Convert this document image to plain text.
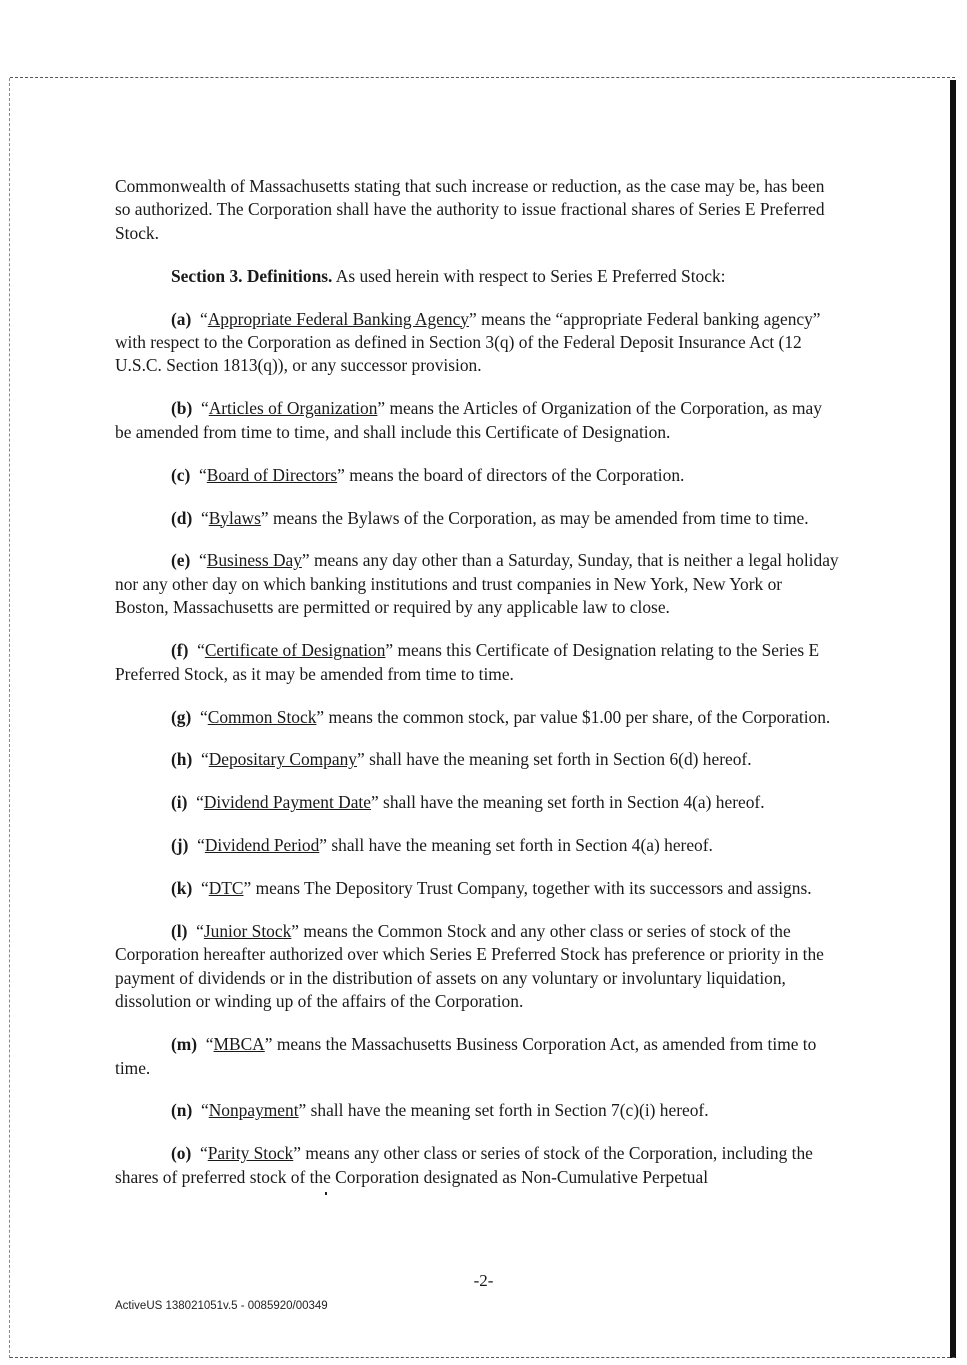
Commonwealth of Massachusetts stating that such increase or reduction, as the case may be, has been so authorized. The Corporation shall have the authority to issue fractional shares of Series E Preferred Stock.

Section 3. Definitions. As used herein with respect to Series E Preferred Stock:

(a) “Appropriate Federal Banking Agency” means the “appropriate Federal banking agency” with respect to the Corporation as defined in Section 3(q) of the Federal Deposit Insurance Act (12 U.S.C. Section 1813(q)), or any successor provision.

(b) “Articles of Organization” means the Articles of Organization of the Corporation, as may be amended from time to time, and shall include this Certificate of Designation.

(c) “Board of Directors” means the board of directors of the Corporation.

(d) “Bylaws” means the Bylaws of the Corporation, as may be amended from time to time.

(e) “Business Day” means any day other than a Saturday, Sunday, that is neither a legal holiday nor any other day on which banking institutions and trust companies in New York, New York or Boston, Massachusetts are permitted or required by any applicable law to close.

(f) “Certificate of Designation” means this Certificate of Designation relating to the Series E Preferred Stock, as it may be amended from time to time.

(g) “Common Stock” means the common stock, par value $1.00 per share, of the Corporation.

(h) “Depositary Company” shall have the meaning set forth in Section 6(d) hereof.

(i) “Dividend Payment Date” shall have the meaning set forth in Section 4(a) hereof.

(j) “Dividend Period” shall have the meaning set forth in Section 4(a) hereof.

(k) “DTC” means The Depository Trust Company, together with its successors and assigns.

(l) “Junior Stock” means the Common Stock and any other class or series of stock of the Corporation hereafter authorized over which Series E Preferred Stock has preference or priority in the payment of dividends or in the distribution of assets on any voluntary or involuntary liquidation, dissolution or winding up of the affairs of the Corporation.

(m) “MBCA” means the Massachusetts Business Corporation Act, as amended from time to time.

(n) “Nonpayment” shall have the meaning set forth in Section 7(c)(i) hereof.

(o) “Parity Stock” means any other class or series of stock of the Corporation, including the shares of preferred stock of the Corporation designated as Non-Cumulative Perpetual

-2-
ActiveUS 138021051v.5 - 0085920/00349
